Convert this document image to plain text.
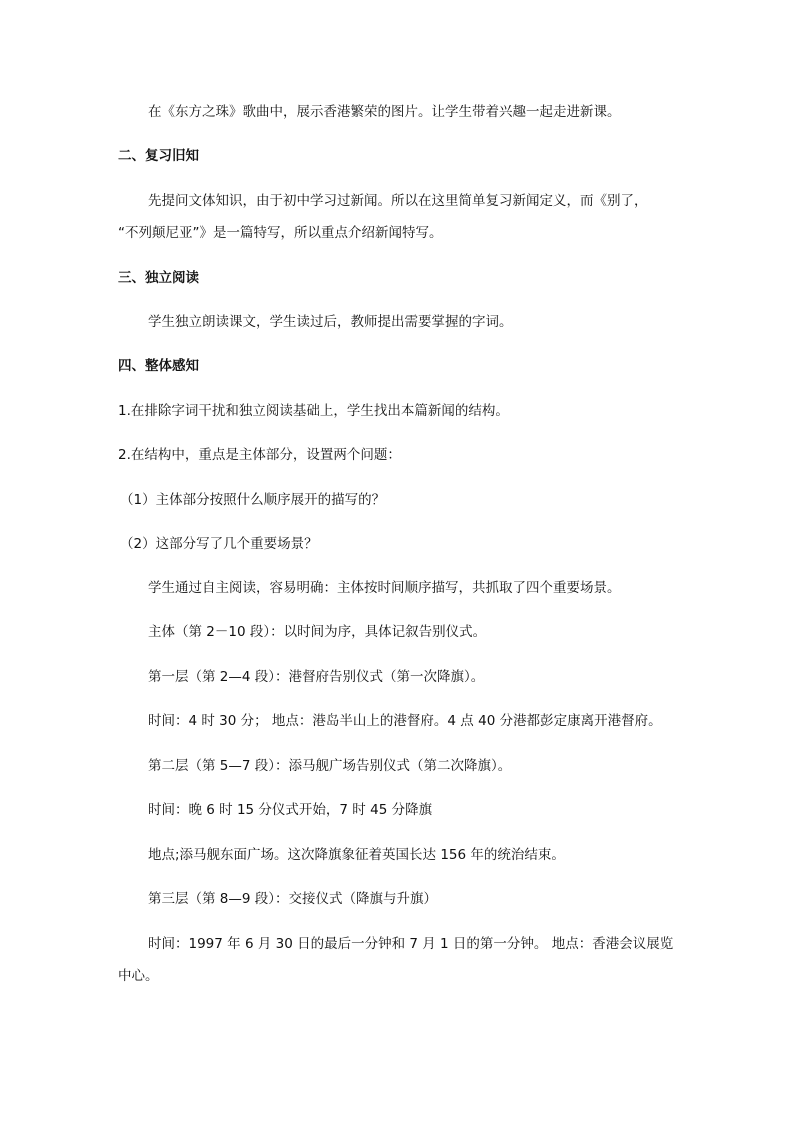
在《东方之珠》歌曲中，展示香港繁荣的图片。让学生带着兴趣一起走进新课。
二、复习旧知
先提问文体知识，由于初中学习过新闻。所以在这里简单复习新闻定义，而《别了，
“不列颠尼亚”》是一篇特写，所以重点介绍新闻特写。
三、独立阅读
学生独立朗读课文，学生读过后，教师提出需要掌握的字词。
四、整体感知
1.在排除字词干扰和独立阅读基础上，学生找出本篇新闻的结构。
2.在结构中，重点是主体部分，设置两个问题：
（1）主体部分按照什么顺序展开的描写的？
（2）这部分写了几个重要场景？
学生通过自主阅读，容易明确：主体按时间顺序描写，共抓取了四个重要场景。
主体（第 2－10 段）：以时间为序，具体记叙告别仪式。
第一层（第 2—4 段）：港督府告别仪式（第一次降旗）。
时间：4 时 30 分； 地点：港岛半山上的港督府。4 点 40 分港都彭定康离开港督府。
第二层（第 5—7 段）：添马舰广场告别仪式（第二次降旗）。
时间：晚 6 时 15 分仪式开始，7 时 45 分降旗
地点;添马舰东面广场。这次降旗象征着英国长达 156 年的统治结束。
第三层（第 8—9 段）：交接仪式（降旗与升旗）
时间：1997 年 6 月 30 日的最后一分钟和 7 月 1 日的第一分钟。 地点：香港会议展览
中心。
